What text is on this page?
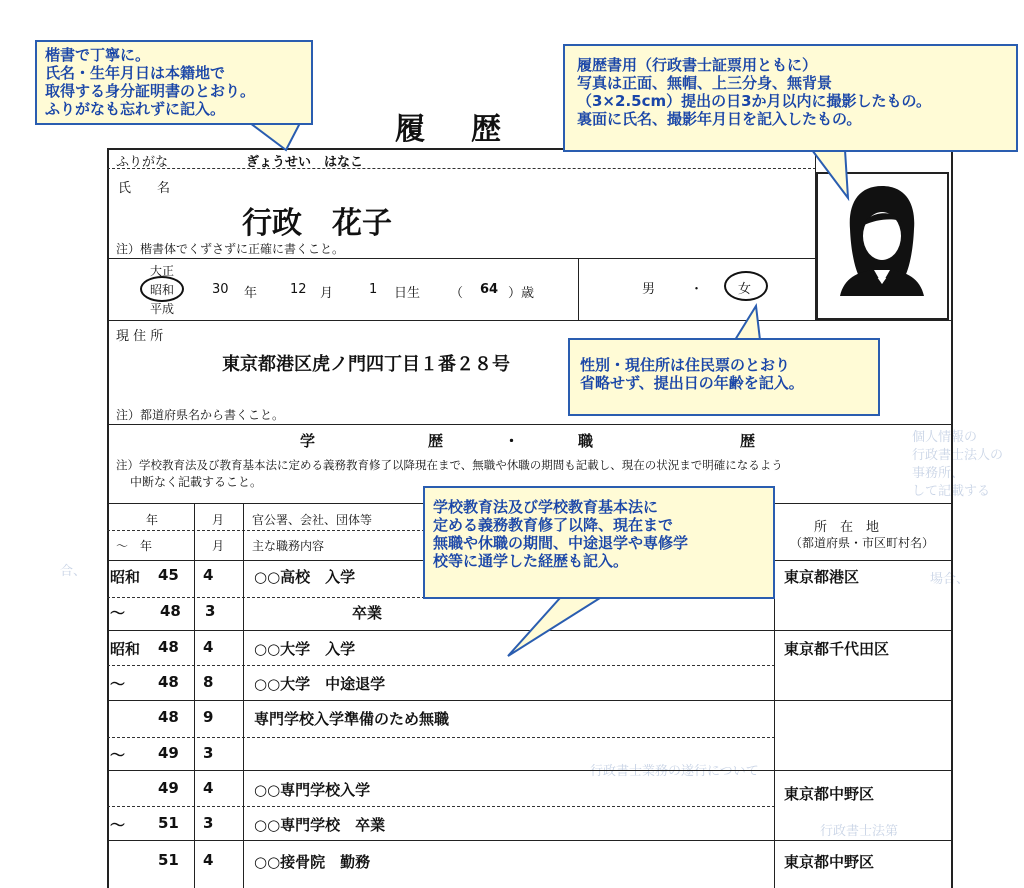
個人情報の
行政書士法人の
事務所、
して記載する
合、
場合、
行政書士業務の遂行について
行政書士法第
履　歴
ふりがな	ぎょうせい　はなこ
氏　　名
行政　花子
注）楷書体でくずさずに正確に書くこと。
大正
昭和
平成
30 年	12 月	1 日生 （ 64 ）歳	男	・	女
現 住 所
東京都港区虎ノ門四丁目１番２８号
注）都道府県名から書くこと。
学	歴	・	職	歴
注）学校教育法及び教育基本法に定める義務教育修了以降現在まで、無職や休職の期間も記載し、現在の状況まで明確になるよう
中断なく記載すること。
年	月 官公署、会社、団体等
～　年	月 主な職務内容
所　在　地
（都道府県・市区町村名）
昭和 45 4	○○高校　入学	東京都港区
～ 48 3	卒業
昭和 48 4	○○大学　入学	東京都千代田区
～ 48 8	○○大学　中途退学
48 9	専門学校入学準備のため無職
～ 49 3
49 4	○○専門学校入学	東京都中野区
～ 51 3	○○専門学校　卒業
51 4	○○接骨院　勤務	東京都中野区
楷書で丁寧に。
氏名・生年月日は本籍地で
取得する身分証明書のとおり。
ふりがなも忘れずに記入。
履歴書用（行政書士証票用ともに）
写真は正面、無帽、上三分身、無背景
（3×2.5cm）提出の日3か月以内に撮影したもの。
裏面に氏名、撮影年月日を記入したもの。
性別・現住所は住民票のとおり
省略せず、提出日の年齢を記入。
学校教育法及び学校教育基本法に
定める義務教育修了以降、現在まで
無職や休職の期間、中途退学や専修学
校等に通学した経歴も記入。
